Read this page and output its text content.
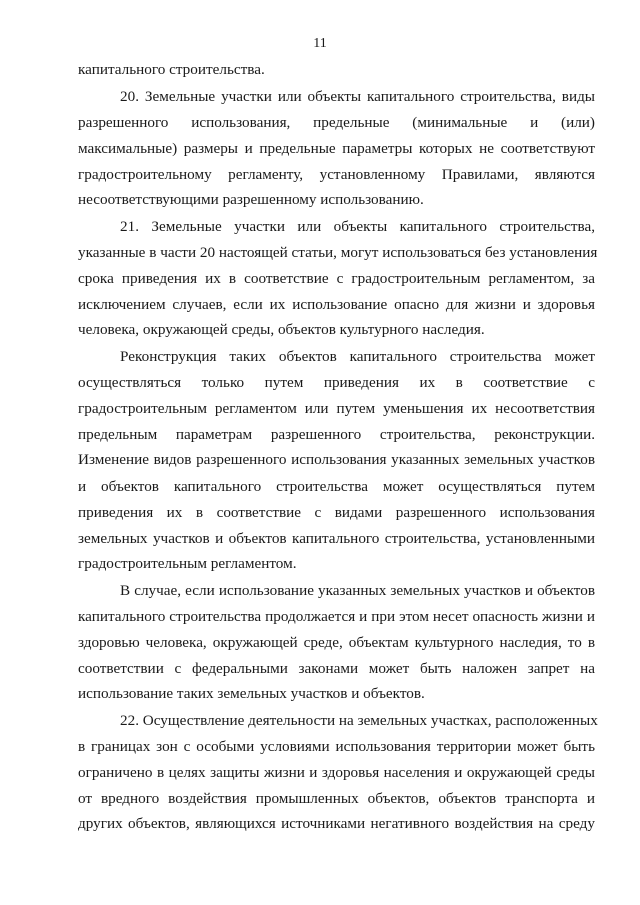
11
капитального строительства.
20. Земельные участки или объекты капитального строительства, виды
разрешенного использования, предельные (минимальные и (или)
максимальные) размеры и предельные параметры которых не соответствуют
градостроительному регламенту, установленному Правилами, являются
несоответствующими разрешенному использованию.
21. Земельные участки или объекты капитального строительства,
указанные в части 20 настоящей статьи, могут использоваться без установления
срока приведения их в соответствие с градостроительным регламентом, за
исключением случаев, если их использование опасно для жизни и здоровья
человека, окружающей среды, объектов культурного наследия.
Реконструкция таких объектов капитального строительства может
осуществляться только путем приведения их в соответствие с
градостроительным регламентом или путем уменьшения их несоответствия
предельным параметрам разрешенного строительства, реконструкции.
Изменение видов разрешенного использования указанных земельных участков
и объектов капитального строительства может осуществляться путем
приведения их в соответствие с видами разрешенного использования
земельных участков и объектов капитального строительства, установленными
градостроительным регламентом.
В случае, если использование указанных земельных участков и объектов
капитального строительства продолжается и при этом несет опасность жизни и
здоровью человека, окружающей среде, объектам культурного наследия, то в
соответствии с федеральными законами может быть наложен запрет на
использование таких земельных участков и объектов.
22. Осуществление деятельности на земельных участках, расположенных
в границах зон с особыми условиями использования территории может быть
ограничено в целях защиты жизни и здоровья населения и окружающей среды
от вредного воздействия промышленных объектов, объектов транспорта и
других объектов, являющихся источниками негативного воздействия на среду
